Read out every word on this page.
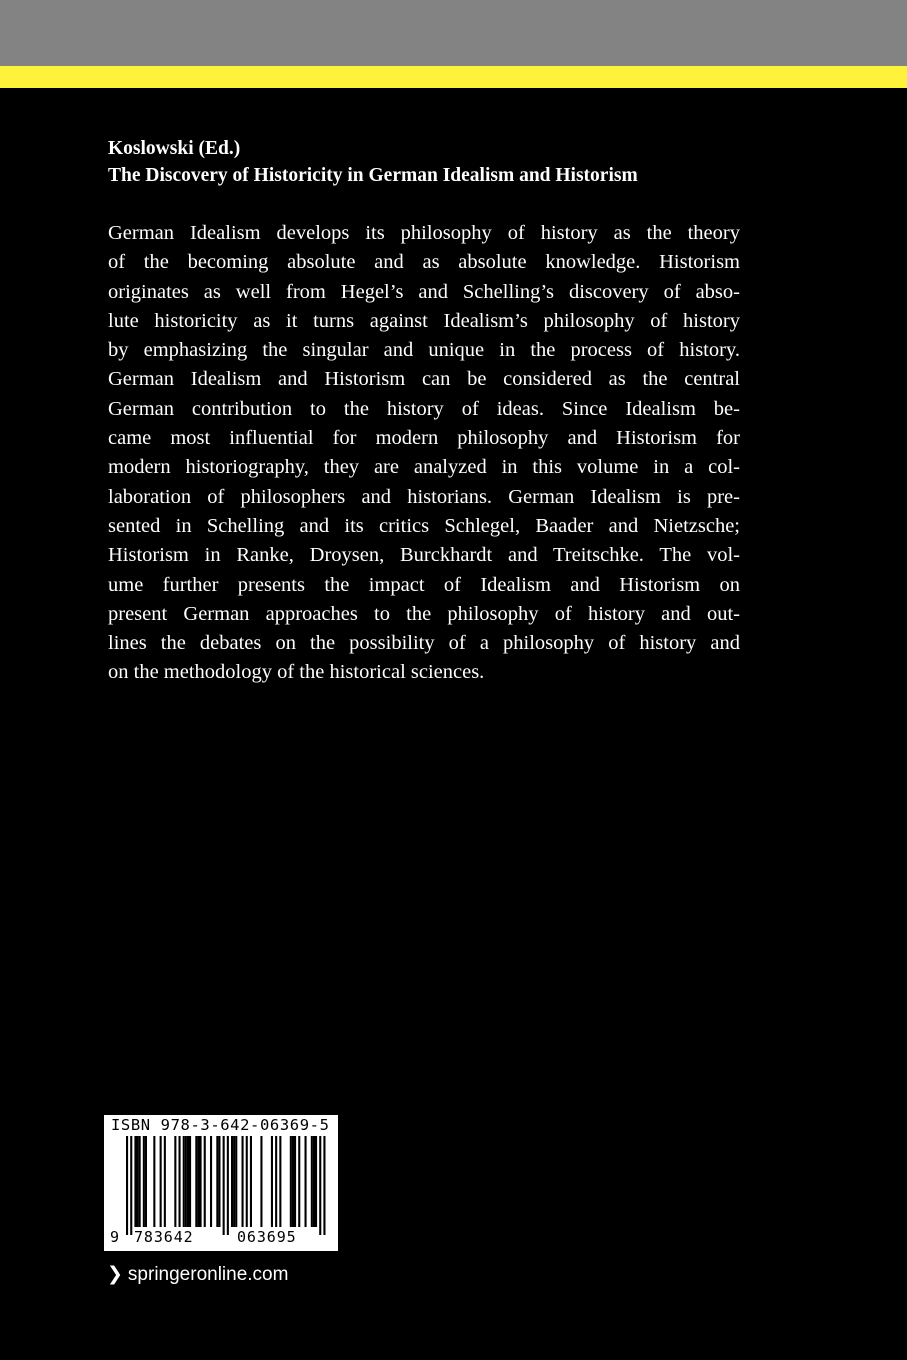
Koslowski (Ed.)
The Discovery of Historicity in German Idealism and Historism
German Idealism develops its philosophy of history as the theory
of the becoming absolute and as absolute knowledge. Historism
originates as well from Hegel’s and Schelling’s discovery of abso-
lute historicity as it turns against Idealism’s philosophy of history
by emphasizing the singular and unique in the process of history.
German Idealism and Historism can be considered as the central
German contribution to the history of ideas. Since Idealism be-
came most influential for modern philosophy and Historism for
modern historiography, they are analyzed in this volume in a col-
laboration of philosophers and historians. German Idealism is pre-
sented in Schelling and its critics Schlegel, Baader and Nietzsche;
Historism in Ranke, Droysen, Burckhardt and Treitschke. The vol-
ume further presents the impact of Idealism and Historism on
present German approaches to the philosophy of history and out-
lines the debates on the possibility of a philosophy of history and
on the methodology of the historical sciences.
ISBN 978-3-642-06369-5
9 783642	063695
❯ springeronline.com
